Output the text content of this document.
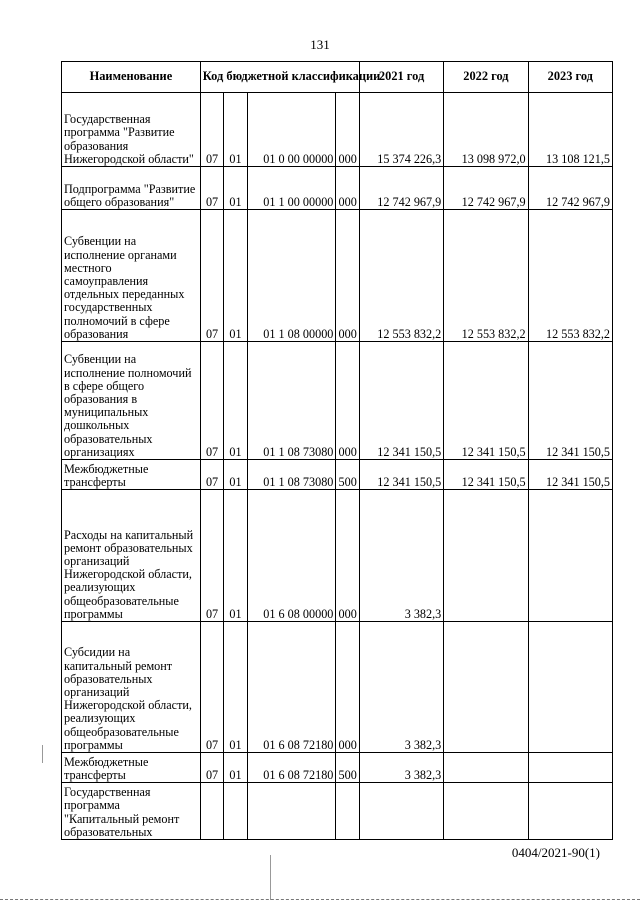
131
Наименование	Код бюджетной классификации				2021 год	2022 год	2023 год
Государственная программа "Развитие образования Нижегородской области"	07	01	01 0 00 00000	000	15 374 226,3	13 098 972,0	13 108 121,5
Подпрограмма "Развитие общего образования"	07	01	01 1 00 00000	000	12 742 967,9	12 742 967,9	12 742 967,9
Субвенции на исполнение органами местного самоуправления отдельных переданных государственных полномочий в сфере образования	07	01	01 1 08 00000	000	12 553 832,2	12 553 832,2	12 553 832,2
Субвенции на исполнение полномочий в сфере общего образования в муниципальных дошкольных образовательных организациях	07	01	01 1 08 73080	000	12 341 150,5	12 341 150,5	12 341 150,5
Межбюджетные трансферты	07	01	01 1 08 73080	500	12 341 150,5	12 341 150,5	12 341 150,5
Расходы на капитальный ремонт образовательных организаций Нижегородской области, реализующих общеобразовательные программы	07	01	01 6 08 00000	000	3 382,3		
Субсидии на капитальный ремонт образовательных организаций Нижегородской области, реализующих общеобразовательные программы	07	01	01 6 08 72180	000	3 382,3		
Межбюджетные трансферты	07	01	01 6 08 72180	500	3 382,3		
Государственная программа "Капитальный ремонт образовательных							
0404/2021-90(1)
